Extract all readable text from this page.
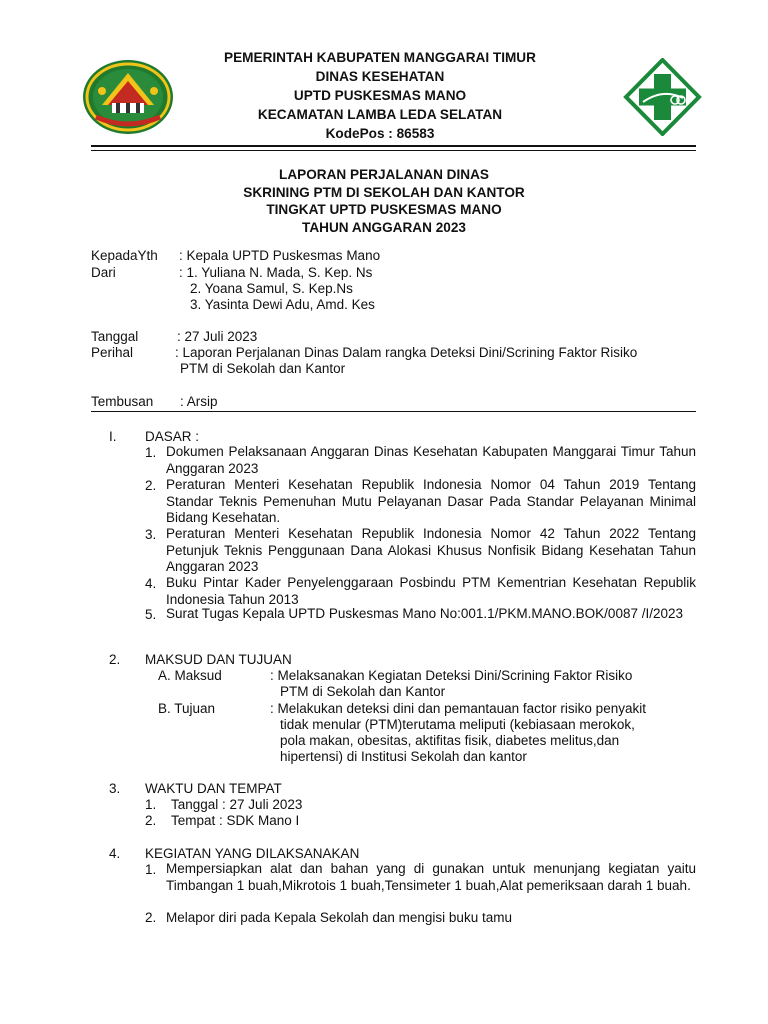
PEMERINTAH KABUPATEN MANGGARAI TIMUR
DINAS KESEHATAN
UPTD PUSKESMAS MANO
KECAMATAN LAMBA LEDA SELATAN
KodePos : 86583
LAPORAN PERJALANAN DINAS
SKRINING PTM DI SEKOLAH DAN KANTOR
TINGKAT UPTD PUSKESMAS MANO
TAHUN ANGGARAN 2023
KepadaYth : Kepala UPTD Puskesmas Mano
Dari	: 1. Yuliana N. Mada, S. Kep. Ns
2. Yoana Samul, S. Kep.Ns
3. Yasinta Dewi Adu, Amd. Kes
Tanggal	: 27 Juli 2023
Perihal	: Laporan Perjalanan Dinas Dalam rangka Deteksi Dini/Scrining Faktor Risiko
PTM di Sekolah dan Kantor
Tembusan : Arsip
I. DASAR :
1. Dokumen Pelaksanaan Anggaran Dinas Kesehatan Kabupaten Manggarai Timur Tahun Anggaran 2023
2. Peraturan Menteri Kesehatan Republik Indonesia Nomor 04 Tahun 2019 Tentang Standar Teknis Pemenuhan Mutu Pelayanan Dasar Pada Standar Pelayanan Minimal Bidang Kesehatan.
3. Peraturan Menteri Kesehatan Republik Indonesia Nomor 42 Tahun 2022 Tentang Petunjuk Teknis Penggunaan Dana Alokasi Khusus Nonfisik Bidang Kesehatan Tahun Anggaran 2023
4. Buku Pintar Kader Penyelenggaraan Posbindu PTM Kementrian Kesehatan Republik Indonesia Tahun 2013
5. Surat Tugas Kepala UPTD Puskesmas Mano No:001.1/PKM.MANO.BOK/0087 /I/2023
2. MAKSUD DAN TUJUAN
A. Maksud	: Melaksanakan Kegiatan Deteksi Dini/Scrining Faktor Risiko
PTM di Sekolah dan Kantor
B. Tujuan	: Melakukan deteksi dini dan pemantauan factor risiko penyakit
tidak menular (PTM)terutama meliputi (kebiasaan merokok,
pola makan, obesitas, aktifitas fisik, diabetes melitus,dan
hipertensi) di Institusi Sekolah dan kantor
3. WAKTU DAN TEMPAT
1. Tanggal : 27 Juli 2023
2. Tempat : SDK Mano I
4. KEGIATAN YANG DILAKSANAKAN
1. Mempersiapkan alat dan bahan yang di gunakan untuk menunjang kegiatan yaitu Timbangan 1 buah,Mikrotois 1 buah,Tensimeter 1 buah,Alat pemeriksaan darah 1 buah.
2. Melapor diri pada Kepala Sekolah dan mengisi buku tamu
